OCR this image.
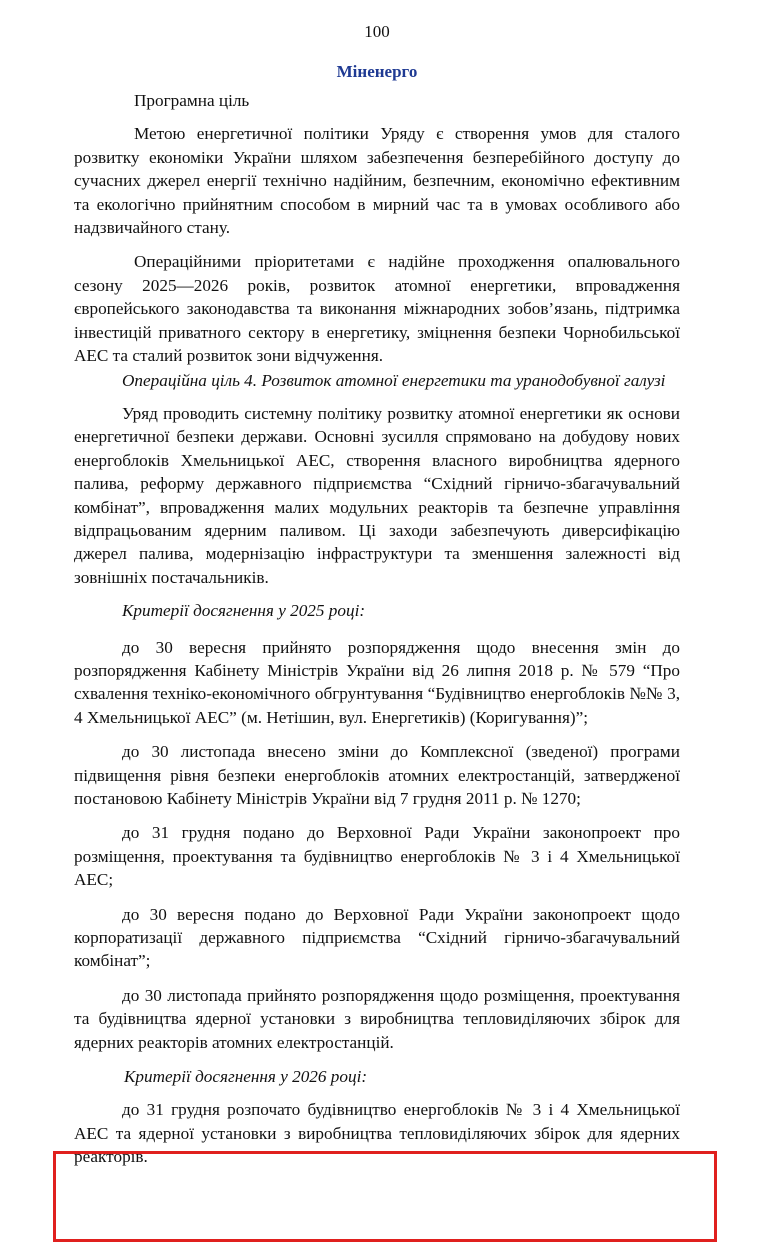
100
Міненерго

Програмна ціль

Метою енергетичної політики Уряду є створення умов для сталого розвитку економіки України шляхом забезпечення безперебійного доступу до сучасних джерел енергії технічно надійним, безпечним, економічно ефективним та екологічно прийнятним способом в мирний час та в умовах особливого або надзвичайного стану.

Операційними пріоритетами є надійне проходження опалювального сезону 2025—2026 років, розвиток атомної енергетики, впровадження європейського законодавства та виконання міжнародних зобов’язань, підтримка інвестицій приватного сектору в енергетику, зміцнення безпеки Чорнобильської АЕС та сталий розвиток зони відчуження.

Операційна ціль 4. Розвиток атомної енергетики та уранодобувної галузі

Уряд проводить системну політику розвитку атомної енергетики як основи енергетичної безпеки держави. Основні зусилля спрямовано на добудову нових енергоблоків Хмельницької АЕС, створення власного виробництва ядерного палива, реформу державного підприємства “Східний гірничо-збагачувальний комбінат”, впровадження малих модульних реакторів та безпечне управління відпрацьованим ядерним паливом. Ці заходи забезпечують диверсифікацію джерел палива, модернізацію інфраструктури та зменшення залежності від зовнішніх постачальників.

Критерії досягнення у 2025 році:

до 30 вересня прийнято розпорядження щодо внесення змін до розпорядження Кабінету Міністрів України від 26 липня 2018 р. № 579 “Про схвалення техніко-економічного обгрунтування “Будівництво енергоблоків №№ 3, 4 Хмельницької АЕС” (м. Нетішин, вул. Енергетиків) (Коригування)”;

до 30 листопада внесено зміни до Комплексної (зведеної) програми підвищення рівня безпеки енергоблоків атомних електростанцій, затвердженої постановою Кабінету Міністрів України від 7 грудня 2011 р. № 1270;

до 31 грудня подано до Верховної Ради України законопроект про розміщення, проектування та будівництво енергоблоків № 3 і 4 Хмельницької АЕС;

до 30 вересня подано до Верховної Ради України законопроект щодо корпоратизації державного підприємства “Східний гірничо-збагачувальний комбінат”;

до 30 листопада прийнято розпорядження щодо розміщення, проектування та будівництва ядерної установки з виробництва тепловиділяючих збірок для ядерних реакторів атомних електростанцій.

Критерії досягнення у 2026 році:

до 31 грудня розпочато будівництво енергоблоків № 3 і 4 Хмельницької АЕС та ядерної установки з виробництва тепловиділяючих збірок для ядерних реакторів.
